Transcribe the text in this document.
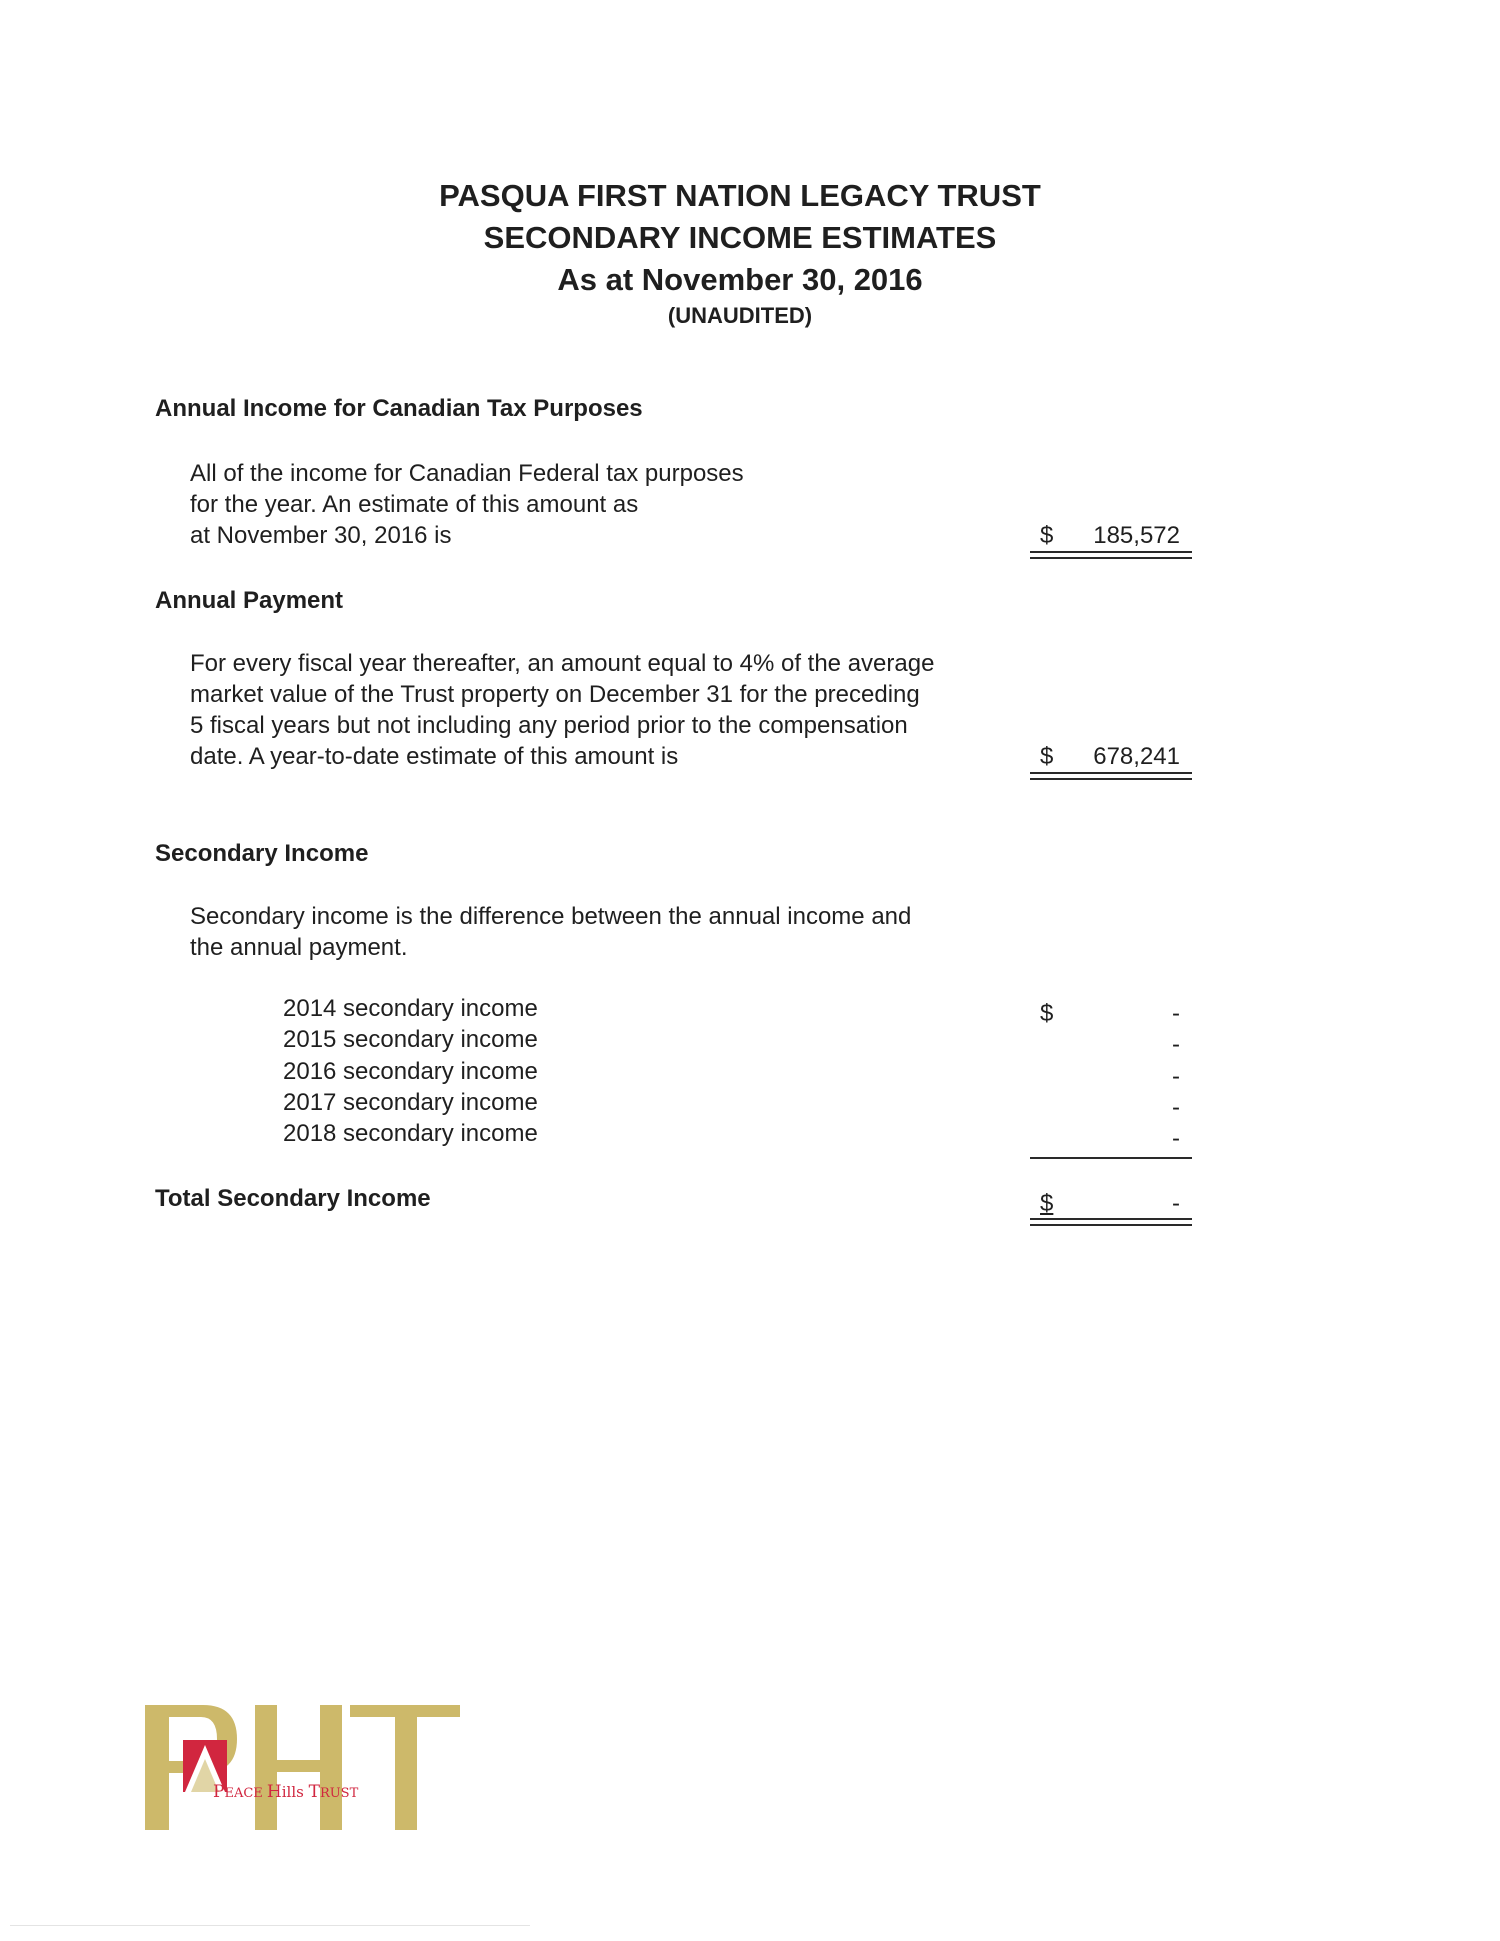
PASQUA FIRST NATION LEGACY TRUST
SECONDARY INCOME ESTIMATES
As at November 30, 2016
(UNAUDITED)
Annual Income for Canadian Tax Purposes
All of the income for Canadian Federal tax purposes
for the year. An estimate of this amount as
at November 30, 2016 is	$ 185,572
Annual Payment
For every fiscal year thereafter, an amount equal to 4% of the average
market value of the Trust property on December 31 for the preceding
5 fiscal years but not including any period prior to the compensation
date. A year-to-date estimate of this amount is	$ 678,241
Secondary Income
Secondary income is the difference between the annual income and
the annual payment.
2014 secondary income	$	-
2015 secondary income	-
2016 secondary income	-
2017 secondary income	-
2018 secondary income	-
Total Secondary Income	$	-
PEACE Hills TRUST
